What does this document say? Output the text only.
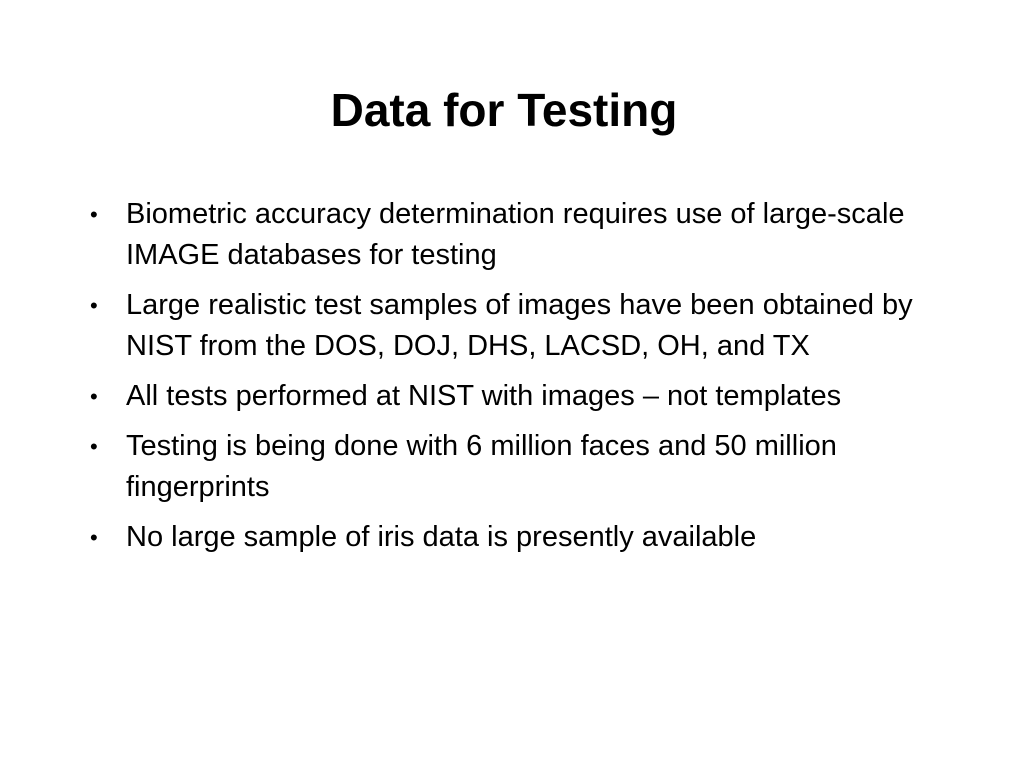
Data for Testing
• Biometric accuracy determination requires use of large-scale IMAGE databases for testing
• Large realistic test samples of images have been obtained by NIST from the DOS, DOJ, DHS, LACSD, OH, and TX
• All tests performed at NIST with images – not templates
• Testing is being done with 6 million faces and 50 million fingerprints
• No large sample of iris data is presently available
